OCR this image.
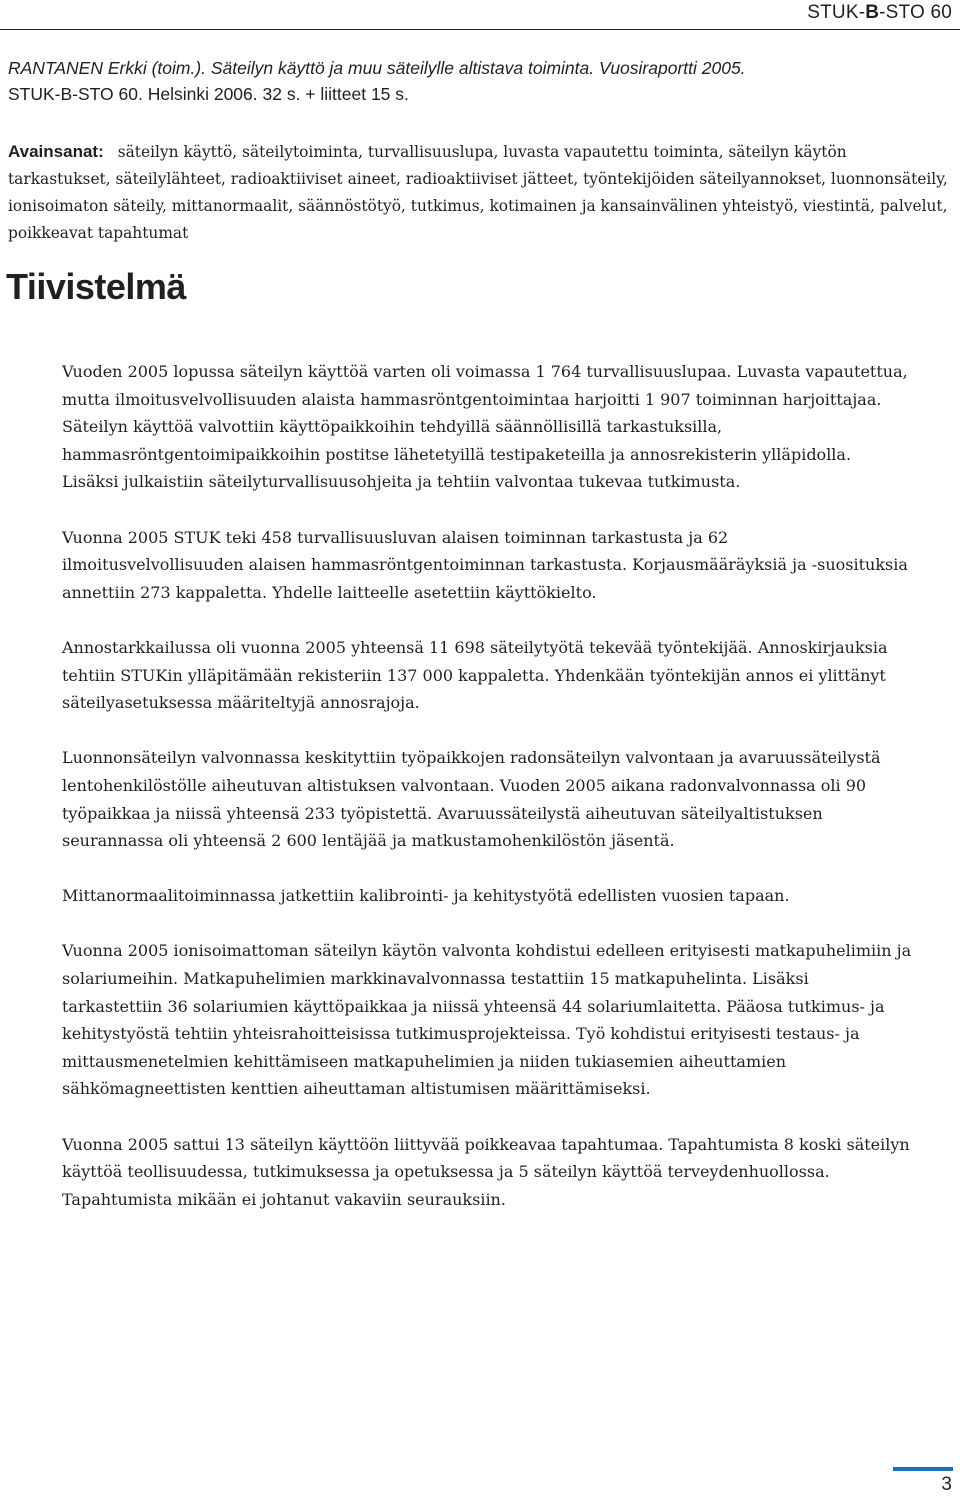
STUK-B-STO 60
RANTANEN Erkki (toim.). Säteilyn käyttö ja muu säteilylle altistava toiminta. Vuosiraportti 2005.
STUK-B-STO 60. Helsinki 2006. 32 s. + liitteet 15 s.
Avainsanat: säteilyn käyttö, säteilytoiminta, turvallisuuslupa, luvasta vapautettu toiminta, säteilyn käytön tarkastukset, säteilylähteet, radioaktiiviset aineet, radioaktiiviset jätteet, työntekijöiden säteilyannokset, luonnonsäteily, ionisoimaton säteily, mittanormaalit, säännöstötyö, tutkimus, kotimainen ja kansainvälinen yhteistyö, viestintä, palvelut, poikkeavat tapahtumat
Tiivistelmä

Vuoden 2005 lopussa säteilyn käyttöä varten oli voimassa 1 764 turvallisuuslupaa. Luvasta vapautettua, mutta ilmoitusvelvollisuuden alaista hammasröntgentoimintaa harjoitti 1 907 toiminnan harjoittajaa. Säteilyn käyttöä valvottiin käyttöpaikkoihin tehdyillä säännöllisillä tarkastuksilla, hammasröntgentoimipaikkoihin postitse lähetetyillä testipaketeilla ja annosrekisterin ylläpidolla. Lisäksi julkaistiin säteilyturvallisuusohjeita ja tehtiin valvontaa tukevaa tutkimusta.

Vuonna 2005 STUK teki 458 turvallisuusluvan alaisen toiminnan tarkastusta ja 62 ilmoitusvelvollisuuden alaisen hammasröntgentoiminnan tarkastusta. Korjausmääräyksiä ja -suosituksia annettiin 273 kappaletta. Yhdelle laitteelle asetettiin käyttökielto.

Annostarkkailussa oli vuonna 2005 yhteensä 11 698 säteilytyötä tekevää työntekijää. Annoskirjauksia tehtiin STUKin ylläpitämään rekisteriin 137 000 kappaletta. Yhdenkään työntekijän annos ei ylittänyt säteilyasetuksessa määriteltyjä annosrajoja.

Luonnonsäteilyn valvonnassa keskityttiin työpaikkojen radonsäteilyn valvontaan ja avaruussäteilystä lentohenkilöstölle aiheutuvan altistuksen valvontaan. Vuoden 2005 aikana radonvalvonnassa oli 90 työpaikkaa ja niissä yhteensä 233 työpistettä. Avaruussäteilystä aiheutuvan säteilyaltistuksen seurannassa oli yhteensä 2 600 lentäjää ja matkustamohenkilöstön jäsentä.

Mittanormaalitoiminnassa jatkettiin kalibrointi- ja kehitystyötä edellisten vuosien tapaan.

Vuonna 2005 ionisoimattoman säteilyn käytön valvonta kohdistui edelleen erityisesti matkapuhelimiin ja solariumeihin. Matkapuhelimien markkinavalvonnassa testattiin 15 matkapuhelinta. Lisäksi tarkastettiin 36 solariumien käyttöpaikkaa ja niissä yhteensä 44 solariumlaitetta. Pääosa tutkimus- ja kehitystyöstä tehtiin yhteisrahoitteisissa tutkimusprojekteissa. Työ kohdistui erityisesti testaus- ja mittausmenetelmien kehittämiseen matkapuhelimien ja niiden tukiasemien aiheuttamien sähkömagneettisten kenttien aiheuttaman altistumisen määrittämiseksi.

Vuonna 2005 sattui 13 säteilyn käyttöön liittyvää poikkeavaa tapahtumaa. Tapahtumista 8 koski säteilyn käyttöä teollisuudessa, tutkimuksessa ja opetuksessa ja 5 säteilyn käyttöä terveydenhuollossa. Tapahtumista mikään ei johtanut vakaviin seurauksiin.

3
